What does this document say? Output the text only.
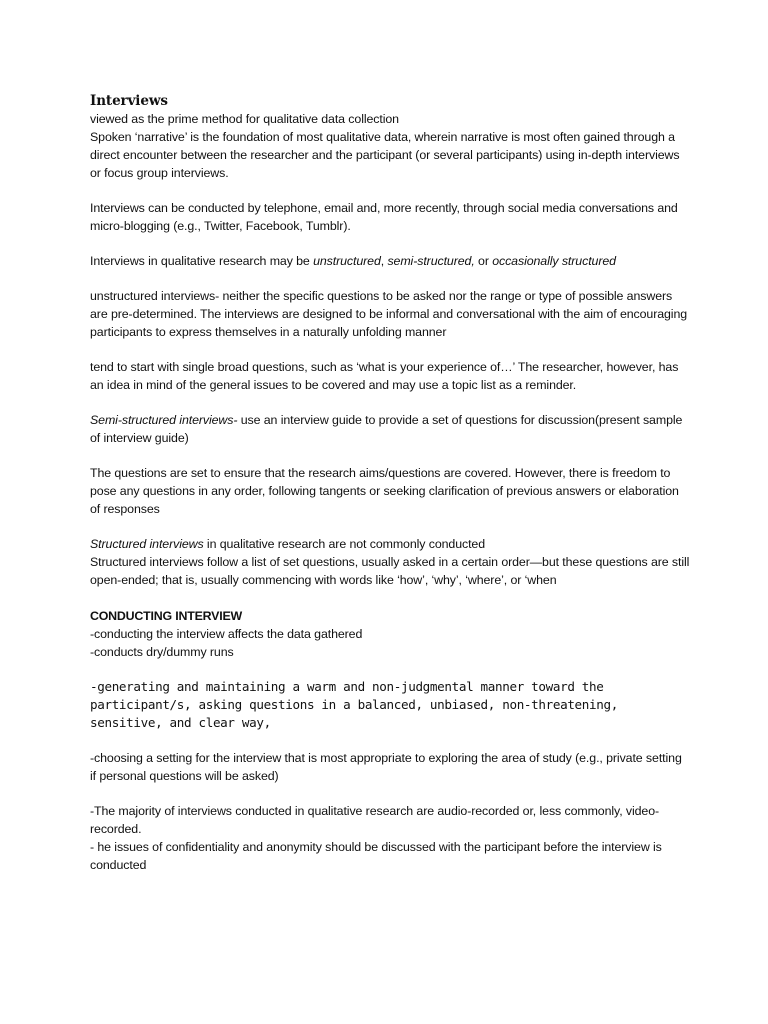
Interviews

viewed as the prime method for qualitative data collection

Spoken ‘narrative’ is the foundation of most qualitative data, wherein narrative is most often gained through a direct encounter between the researcher and the participant (or several participants) using in-depth interviews or focus group interviews.

Interviews can be conducted by telephone, email and, more recently, through social media conversations and micro-blogging (e.g., Twitter, Facebook, Tumblr).

Interviews in qualitative research may be unstructured, semi-structured, or occasionally structured

unstructured interviews- neither the specific questions to be asked nor the range or type of possible answers are pre-determined. The interviews are designed to be informal and conversational with the aim of encouraging participants to express themselves in a naturally unfolding manner

tend to start with single broad questions, such as ‘what is your experience of…’ The researcher, however, has an idea in mind of the general issues to be covered and may use a topic list as a reminder.

Semi-structured interviews- use an interview guide to provide a set of questions for discussion(present sample of interview guide)

The questions are set to ensure that the research aims/questions are covered. However, there is freedom to pose any questions in any order, following tangents or seeking clarification of previous answers or elaboration of responses

Structured interviews in qualitative research are not commonly conducted

Structured interviews follow a list of set questions, usually asked in a certain order—but these questions are still open-ended; that is, usually commencing with words like ‘how’, ‘why’, ‘where’, or ‘when

CONDUCTING INTERVIEW

-conducting the interview affects the data gathered

-conducts dry/dummy runs

-generating and maintaining a warm and non-judgmental manner toward the participant/s, asking questions in a balanced, unbiased, non-threatening, sensitive, and clear way,

-choosing a setting for the interview that is most appropriate to exploring the area of study (e.g., private setting if personal questions will be asked)

-The majority of interviews conducted in qualitative research are audio-recorded or, less commonly, video-recorded.

- he issues of confidentiality and anonymity should be discussed with the participant before the interview is conducted
